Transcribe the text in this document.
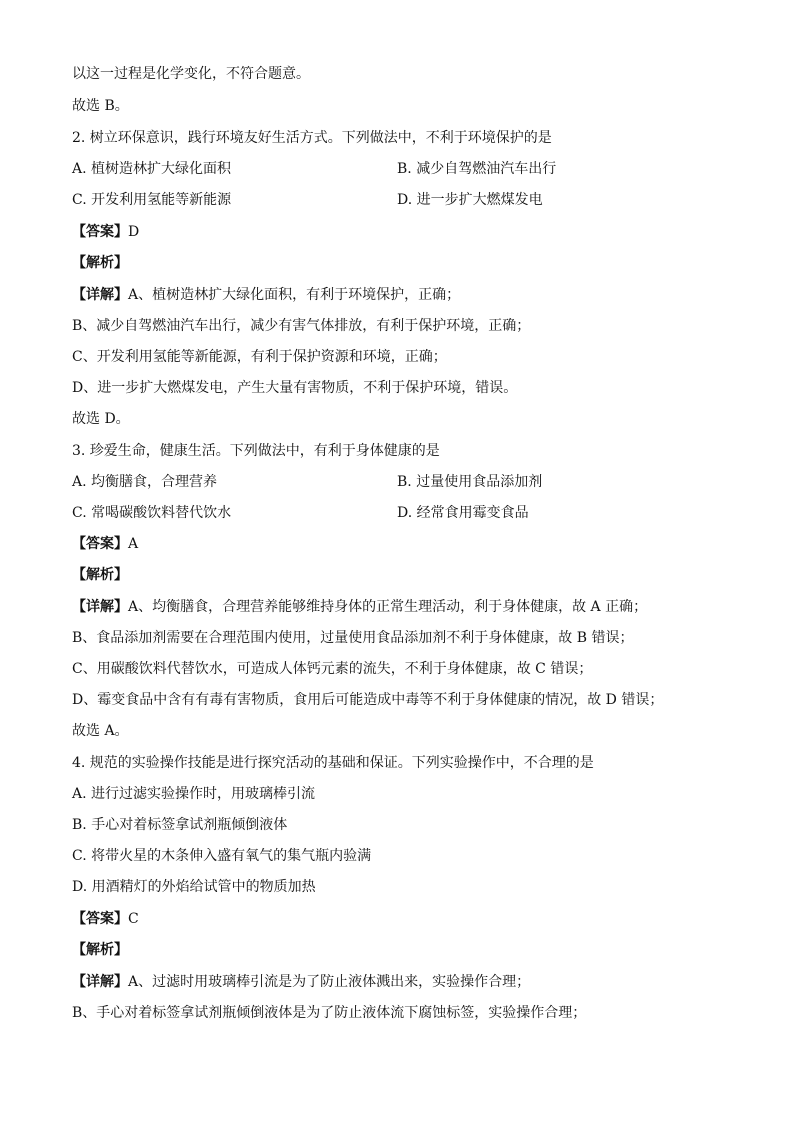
以这一过程是化学变化，不符合题意。
故选 B。
2. 树立环保意识，践行环境友好生活方式。下列做法中，不利于环境保护的是
A. 植树造林扩大绿化面积	B. 减少自驾燃油汽车出行
C. 开发利用氢能等新能源	D. 进一步扩大燃煤发电
【答案】D
【解析】
【详解】A、植树造林扩大绿化面积，有利于环境保护，正确；
B、减少自驾燃油汽车出行，减少有害气体排放，有利于保护环境，正确；
C、开发利用氢能等新能源，有利于保护资源和环境，正确；
D、进一步扩大燃煤发电，产生大量有害物质，不利于保护环境，错误。
故选 D。
3. 珍爱生命，健康生活。下列做法中，有利于身体健康的是
A. 均衡膳食，合理营养	B. 过量使用食品添加剂
C. 常喝碳酸饮料替代饮水	D. 经常食用霉变食品
【答案】A
【解析】
【详解】A、均衡膳食，合理营养能够维持身体的正常生理活动，利于身体健康，故 A 正确；
B、食品添加剂需要在合理范围内使用，过量使用食品添加剂不利于身体健康，故 B 错误；
C、用碳酸饮料代替饮水，可造成人体钙元素的流失，不利于身体健康，故 C 错误；
D、霉变食品中含有有毒有害物质，食用后可能造成中毒等不利于身体健康的情况，故 D 错误；
故选 A。
4. 规范的实验操作技能是进行探究活动的基础和保证。下列实验操作中，不合理的是
A. 进行过滤实验操作时，用玻璃棒引流
B. 手心对着标签拿试剂瓶倾倒液体
C. 将带火星的木条伸入盛有氧气的集气瓶内验满
D. 用酒精灯的外焰给试管中的物质加热
【答案】C
【解析】
【详解】A、过滤时用玻璃棒引流是为了防止液体溅出来，实验操作合理；
B、手心对着标签拿试剂瓶倾倒液体是为了防止液体流下腐蚀标签，实验操作合理；
